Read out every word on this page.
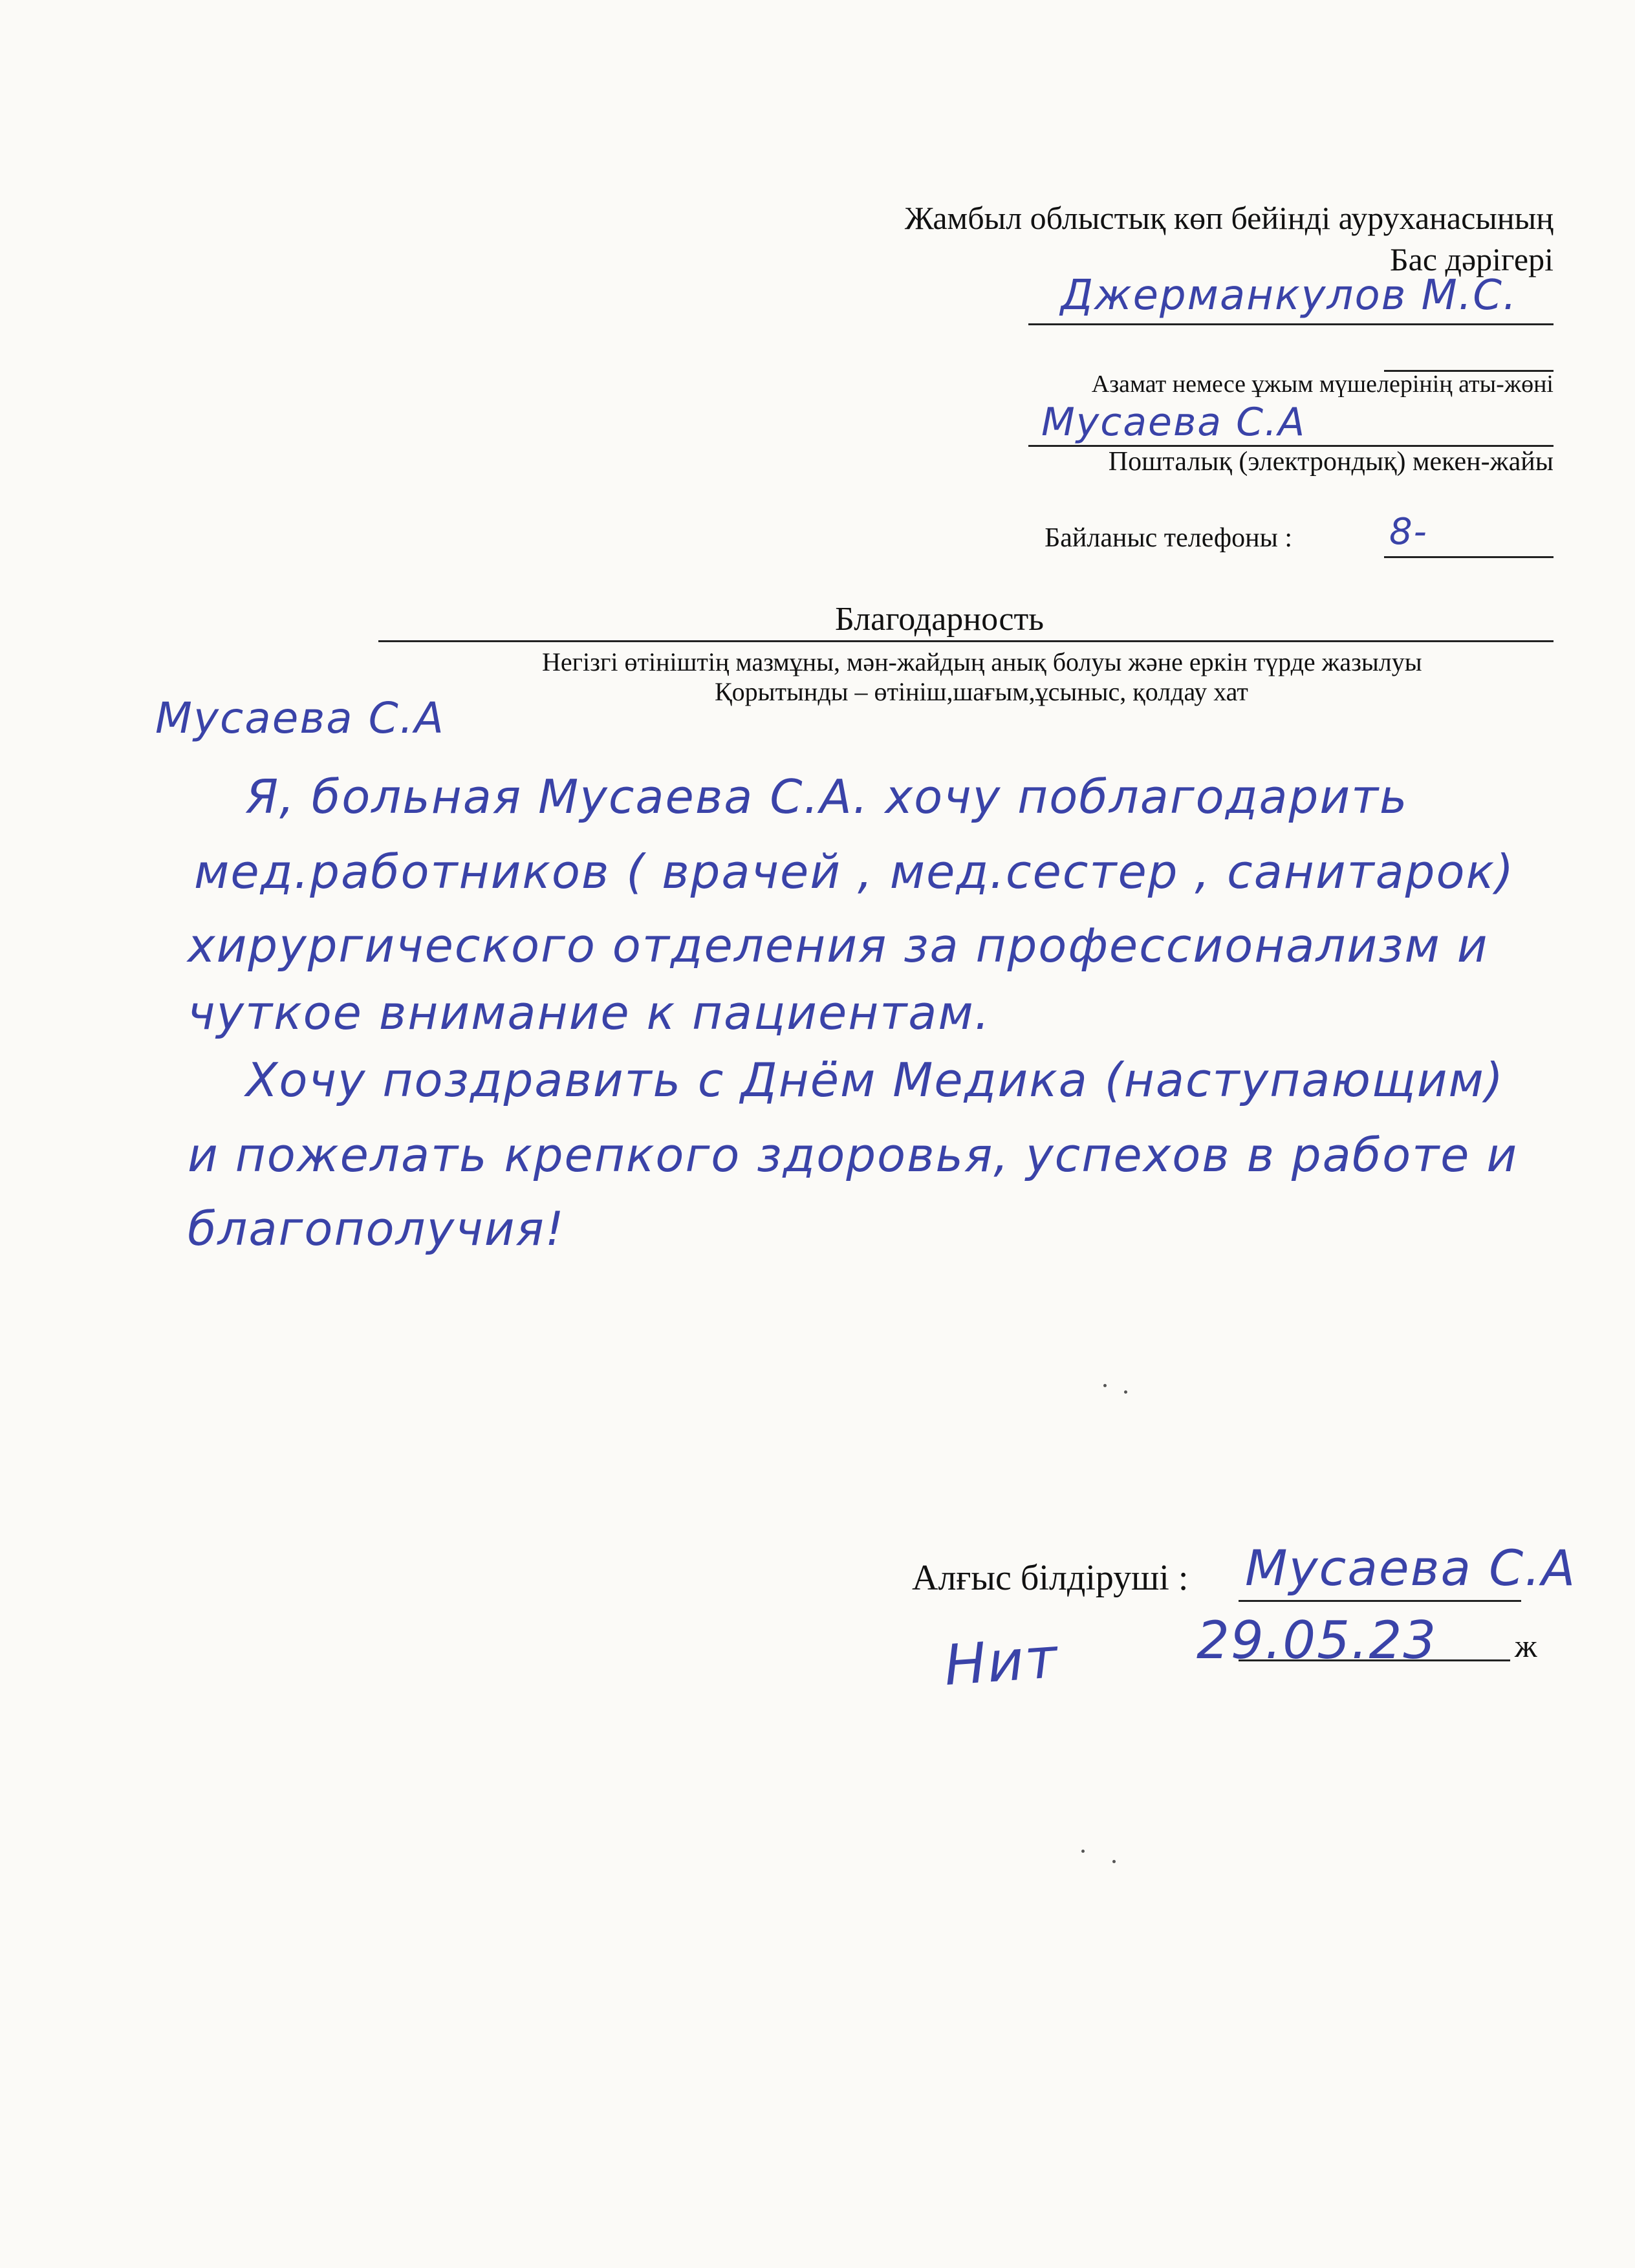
Жамбыл облыстық көп бейінді ауруханасының
Бас дәрігері
Джерманкулов М.С.
Азамат немесе ұжым мүшелерінің аты-жөні
Мусаева С.А
Пошталық (электрондық) мекен-жайы
Байланыс телефоны :	8-
Благодарность
Негізгі өтініштің мазмұны, мән-жайдың анық болуы және еркін түрде жазылуы
Қорытынды – өтініш,шағым,ұсыныс, қолдау хат
Мусаева С.А
Я, больная Мусаева С.А. хочу поблагодарить
мед.работников ( врачей , мед.сестер , санитарок)
хирургического отделения за профессионализм и
чуткое внимание к пациентам.
Хочу поздравить с Днём Медика (наступающим)
и пожелать крепкого здоровья, успехов в работе и
благополучия!
Алғыс білдіруші : Мусаева С.А
Нит	29.05.23 ж
